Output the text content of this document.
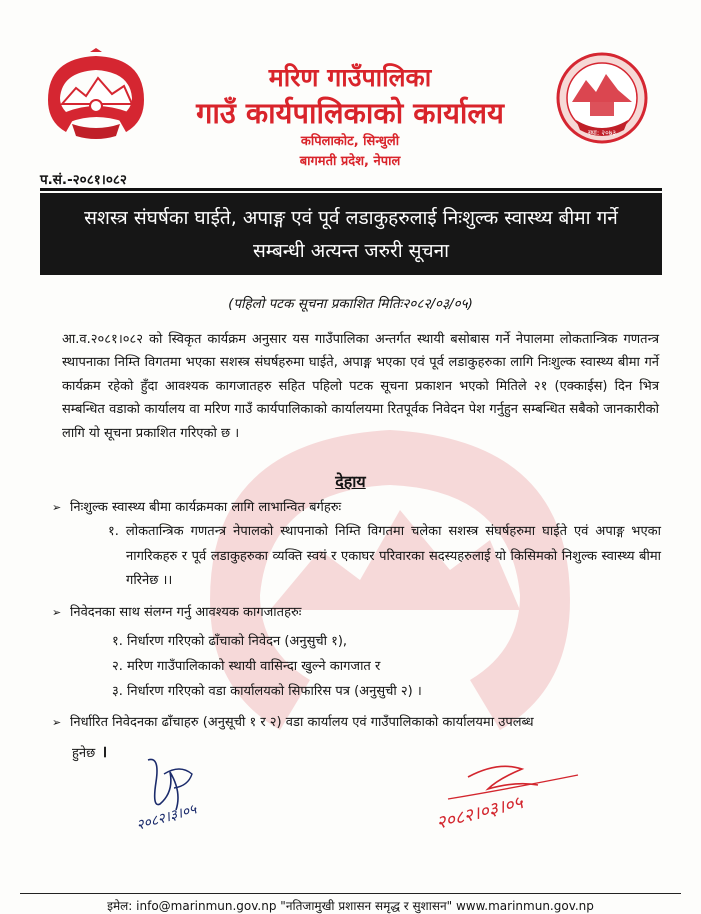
स्था: २०७३
मरिण गाउँपालिका
गाउँ कार्यपालिकाको कार्यालय
कपिलाकोट, सिन्धुली
बागमती प्रदेश, नेपाल
प.सं.-२०८१।०८२
सशस्त्र संघर्षका घाईते, अपाङ्ग एवं पूर्व लडाकुहरुलाई निःशुल्क स्वास्थ्य बीमा गर्ने
सम्बन्धी अत्यन्त जरुरी सूचना
(पहिलो पटक सूचना प्रकाशित मितिः२०८२/०३/०५)
आ.व.२०८१।०८२ को स्विकृत कार्यक्रम अनुसार यस गाउँपालिका अन्तर्गत स्थायी बसोबास गर्ने नेपालमा लोकतान्त्रिक गणतन्त्र स्थापनाका निम्ति विगतमा भएका सशस्त्र संघर्षहरुमा घाईते, अपाङ्ग भएका एवं पूर्व लडाकुहरुका लागि निःशुल्क स्वास्थ्य बीमा गर्ने कार्यक्रम रहेको हुँदा आवश्यक कागजातहरु सहित पहिलो पटक सूचना प्रकाशन भएको मितिले २१ (एक्काईस) दिन भित्र सम्बन्धित वडाको कार्यालय वा मरिण गाउँ कार्यपालिकाको कार्यालयमा रितपूर्वक निवेदन पेश गर्नुहुन सम्बन्धित सबैको जानकारीको लागि यो सूचना प्रकाशित गरिएको छ ।
देहाय
➢ निःशुल्क स्वास्थ्य बीमा कार्यक्रमका लागि लाभान्वित बर्गहरुः
१. लोकतान्त्रिक गणतन्त्र नेपालको स्थापनाको निम्ति विगतमा चलेका सशस्त्र संघर्षहरुमा घाईते एवं अपाङ्ग भएका नागरिकहरु र पूर्व लडाकुहरुका व्यक्ति स्वयं र एकाघर परिवारका सदस्यहरुलाई यो किसिमको निशुल्क स्वास्थ्य बीमा गरिनेछ ।।
➢ निवेदनका साथ संलग्न गर्नु आवश्यक कागजातहरुः
१. निर्धारण गरिएको ढाँचाको निवेदन (अनुसुची १),
२. मरिण गाउँपालिकाको स्थायी वासिन्दा खुल्ने कागजात र
३. निर्धारण गरिएको वडा कार्यालयको सिफारिस पत्र (अनुसुची २) ।
➢ निर्धारित निवेदनका ढाँचाहरु (अनुसूची १ र २) वडा कार्यालय एवं गाउँपालिकाको कार्यालयमा उपलब्ध
हुनेछ ।
२०८२।३।०५	२०८२।०३।०५
इमेल: info@marinmun.gov.np "नतिजामुखी प्रशासन समृद्ध र सुशासन" www.marinmun.gov.np
